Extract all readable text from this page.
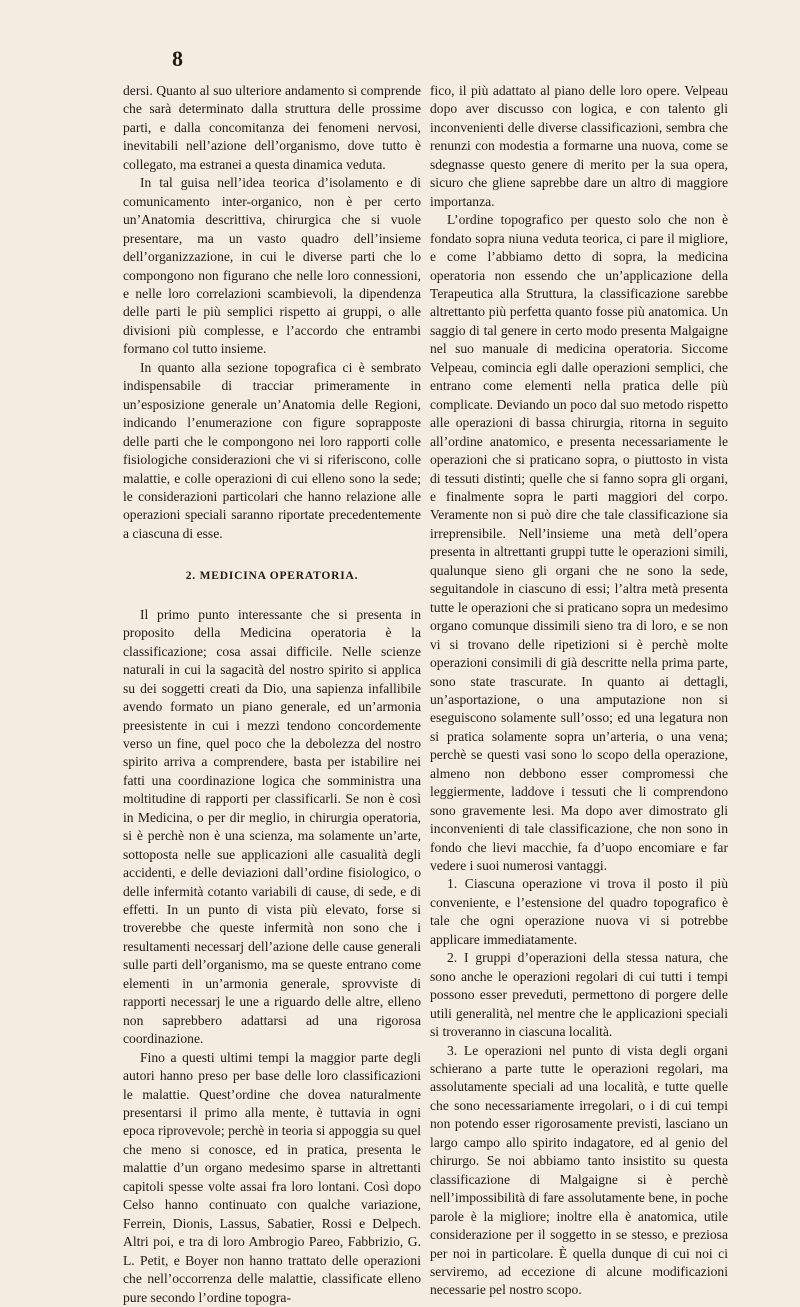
8

dersi. Quanto al suo ulteriore andamento si comprende che sarà determinato dalla struttura delle prossime parti, e dalla concomitanza dei fenomeni nervosi, inevitabili nell’azione dell’organismo, dove tutto è collegato, ma estranei a questa dinamica veduta.

In tal guisa nell’idea teorica d’isolamento e di comunicamento inter-organico, non è per certo un’Anatomia descrittiva, chirurgica che si vuole presentare, ma un vasto quadro dell’insieme dell’organizzazione, in cui le diverse parti che lo compongono non figurano che nelle loro connessioni, e nelle loro correlazioni scambievoli, la dipendenza delle parti le più semplici rispetto ai gruppi, o alle divisioni più complesse, e l’accordo che entrambi formano col tutto insieme.

In quanto alla sezione topografica ci è sembrato indispensabile di tracciar primeramente in un’esposizione generale un’Anatomia delle Regioni, indicando l’enumerazione con figure soprapposte delle parti che le compongono nei loro rapporti colle fisiologiche considerazioni che vi si riferiscono, colle malattie, e colle operazioni di cui elleno sono la sede; le considerazioni particolari che hanno relazione alle operazioni speciali saranno riportate precedentemente a ciascuna di esse.

2. MEDICINA OPERATORIA.

Il primo punto interessante che si presenta in proposito della Medicina operatoria è la classificazione; cosa assai difficile. Nelle scienze naturali in cui la sagacità del nostro spirito si applica su dei soggetti creati da Dio, una sapienza infallibile avendo formato un piano generale, ed un’armonia preesistente in cui i mezzi tendono concordemente verso un fine, quel poco che la debolezza del nostro spirito arriva a comprendere, basta per istabilire nei fatti una coordinazione logica che somministra una moltitudine di rapporti per classificarli. Se non è così in Medicina, o per dir meglio, in chirurgia operatoria, si è perchè non è una scienza, ma solamente un’arte, sottoposta nelle sue applicazioni alle casualità degli accidenti, e delle deviazioni dall’ordine fisiologico, o delle infermità cotanto variabili di cause, di sede, e di effetti. In un punto di vista più elevato, forse si troverebbe che queste infermità non sono che i resultamenti necessarj dell’azione delle cause generali sulle parti dell’organismo, ma se queste entrano come elementi in un’armonia generale, sprovviste di rapporti necessarj le une a riguardo delle altre, elleno non saprebbero adattarsi ad una rigorosa coordinazione.

Fino a questi ultimi tempi la maggior parte degli autori hanno preso per base delle loro classificazioni le malattie. Quest’ordine che dovea naturalmente presentarsi il primo alla mente, è tuttavia in ogni epoca riprovevole; perchè in teoria si appoggia su quel che meno si conosce, ed in pratica, presenta le malattie d’un organo medesimo sparse in altrettanti capitoli spesse volte assai fra loro lontani. Così dopo Celso hanno continuato con qualche variazione, Ferrein, Dionis, Lassus, Sabatier, Rossi e Delpech. Altri poi, e tra di loro Ambrogio Pareo, Fabbrizio, G. L. Petit, e Boyer non hanno trattato delle operazioni che nell’occorrenza delle malattie, classificate elleno pure secondo l’ordine topogra-

fico, il più adattato al piano delle loro opere. Velpeau dopo aver discusso con logica, e con talento gli inconvenienti delle diverse classificazioni, sembra che renunzi con modestia a formarne una nuova, come se sdegnasse questo genere di merito per la sua opera, sicuro che gliene saprebbe dare un altro di maggiore importanza.

L’ordine topografico per questo solo che non è fondato sopra niuna veduta teorica, ci pare il migliore, e come l’abbiamo detto di sopra, la medicina operatoria non essendo che un’applicazione della Terapeutica alla Struttura, la classificazione sarebbe altrettanto più perfetta quanto fosse più anatomica. Un saggio di tal genere in certo modo presenta Malgaigne nel suo manuale di medicina operatoria. Siccome Velpeau, comincia egli dalle operazioni semplici, che entrano come elementi nella pratica delle più complicate. Deviando un poco dal suo metodo rispetto alle operazioni di bassa chirurgia, ritorna in seguito all’ordine anatomico, e presenta necessariamente le operazioni che si praticano sopra, o piuttosto in vista di tessuti distinti; quelle che si fanno sopra gli organi, e finalmente sopra le parti maggiori del corpo. Veramente non si può dire che tale classificazione sia irreprensibile. Nell’insieme una metà dell’opera presenta in altrettanti gruppi tutte le operazioni simili, qualunque sieno gli organi che ne sono la sede, seguitandole in ciascuno di essi; l’altra metà presenta tutte le operazioni che si praticano sopra un medesimo organo comunque dissimili sieno tra di loro, e se non vi si trovano delle ripetizioni si è perchè molte operazioni consimili di già descritte nella prima parte, sono state trascurate. In quanto ai dettagli, un’asportazione, o una amputazione non si eseguiscono solamente sull’osso; ed una legatura non si pratica solamente sopra un’arteria, o una vena; perchè se questi vasi sono lo scopo della operazione, almeno non debbono esser compromessi che leggiermente, laddove i tessuti che li comprendono sono gravemente lesi. Ma dopo aver dimostrato gli inconvenienti di tale classificazione, che non sono in fondo che lievi macchie, fa d’uopo encomiare e far vedere i suoi numerosi vantaggi.

1. Ciascuna operazione vi trova il posto il più conveniente, e l’estensione del quadro topografico è tale che ogni operazione nuova vi si potrebbe applicare immediatamente.

2. I gruppi d’operazioni della stessa natura, che sono anche le operazioni regolari di cui tutti i tempi possono esser preveduti, permettono di porgere delle utili generalità, nel mentre che le applicazioni speciali si troveranno in ciascuna località.

3. Le operazioni nel punto di vista degli organi schierano a parte tutte le operazioni regolari, ma assolutamente speciali ad una località, e tutte quelle che sono necessariamente irregolari, o i di cui tempi non potendo esser rigorosamente previsti, lasciano un largo campo allo spirito indagatore, ed al genio del chirurgo. Se noi abbiamo tanto insistito su questa classificazione di Malgaigne si è perchè nell’impossibilità di fare assolutamente bene, in poche parole è la migliore; inoltre ella è anatomica, utile considerazione per il soggetto in se stesso, e preziosa per noi in particolare. È quella dunque di cui noi ci serviremo, ad eccezione di alcune modificazioni necessarie pel nostro scopo.
